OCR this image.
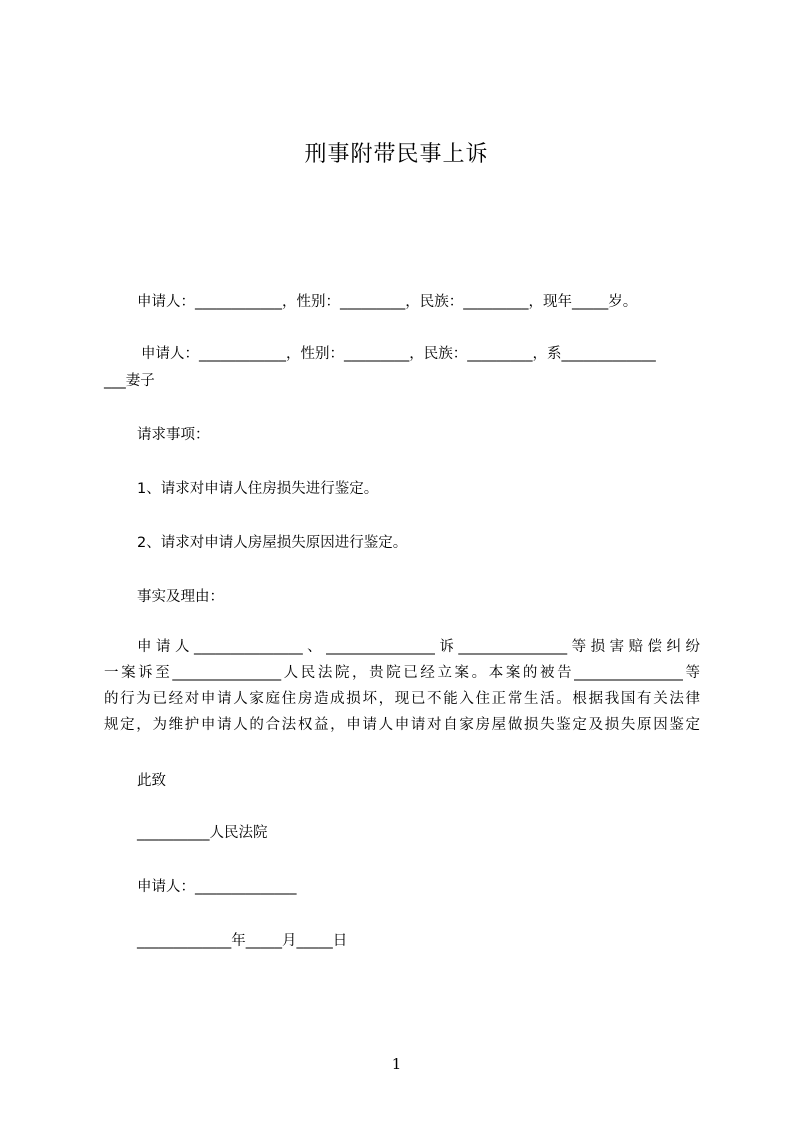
刑事附带民事上诉
申请人：____________，性别：_________，民族：_________，现年_____岁。
申请人：____________，性别：_________，民族：_________，系_____________
___妻子
请求事项：
1、请求对申请人住房损失进行鉴定。
2、请求对申请人房屋损失原因进行鉴定。
事实及理由：
申请人_______________、_______________诉_______________等损害赔偿纠纷
一案诉至_______________人民法院，贵院已经立案。本案的被告_______________等
的行为已经对申请人家庭住房造成损坏，现已不能入住正常生活。根据我国有关法律
规定，为维护申请人的合法权益，申请人申请对自家房屋做损失鉴定及损失原因鉴定
此致
__________人民法院
申请人：______________
_____________年_____月_____日
1
